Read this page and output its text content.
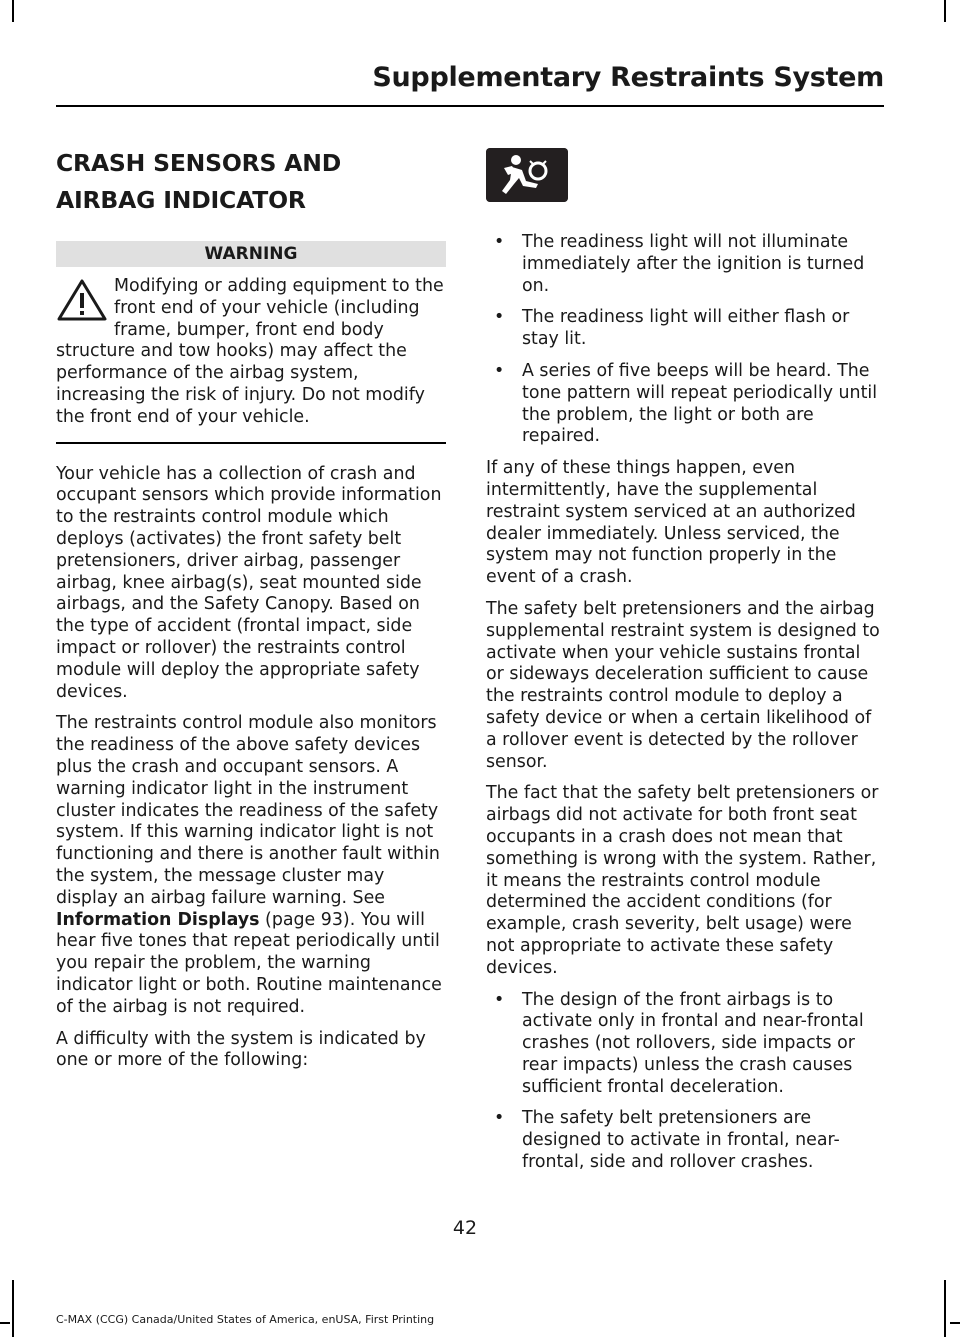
Supplementary Restraints System
CRASH SENSORS AND
AIRBAG INDICATOR
WARNING
Modifying or adding equipment to the front end of your vehicle (including frame, bumper, front end body structure and tow hooks) may affect the performance of the airbag system, increasing the risk of injury. Do not modify the front end of your vehicle.

Your vehicle has a collection of crash and occupant sensors which provide information to the restraints control module which deploys (activates) the front safety belt pretensioners, driver airbag, passenger airbag, knee airbag(s), seat mounted side airbags, and the Safety Canopy. Based on the type of accident (frontal impact, side impact or rollover) the restraints control module will deploy the appropriate safety devices.

The restraints control module also monitors the readiness of the above safety devices plus the crash and occupant sensors. A warning indicator light in the instrument cluster indicates the readiness of the safety system. If this warning indicator light is not functioning and there is another fault within the system, the message cluster may display an airbag failure warning. See Information Displays (page 93). You will hear five tones that repeat periodically until you repair the problem, the warning indicator light or both. Routine maintenance of the airbag is not required.

A difficulty with the system is indicated by one or more of the following:

• The readiness light will not illuminate immediately after the ignition is turned on.
• The readiness light will either flash or stay lit.
• A series of five beeps will be heard. The tone pattern will repeat periodically until the problem, the light or both are repaired.

If any of these things happen, even intermittently, have the supplemental restraint system serviced at an authorized dealer immediately. Unless serviced, the system may not function properly in the event of a crash.

The safety belt pretensioners and the airbag supplemental restraint system is designed to activate when your vehicle sustains frontal or sideways deceleration sufficient to cause the restraints control module to deploy a safety device or when a certain likelihood of a rollover event is detected by the rollover sensor.

The fact that the safety belt pretensioners or airbags did not activate for both front seat occupants in a crash does not mean that something is wrong with the system. Rather, it means the restraints control module determined the accident conditions (for example, crash severity, belt usage) were not appropriate to activate these safety devices.

• The design of the front airbags is to activate only in frontal and near-frontal crashes (not rollovers, side impacts or rear impacts) unless the crash causes sufficient frontal deceleration.
• The safety belt pretensioners are designed to activate in frontal, near-frontal, side and rollover crashes.
42
C-MAX (CCG) Canada/United States of America, enUSA, First Printing
